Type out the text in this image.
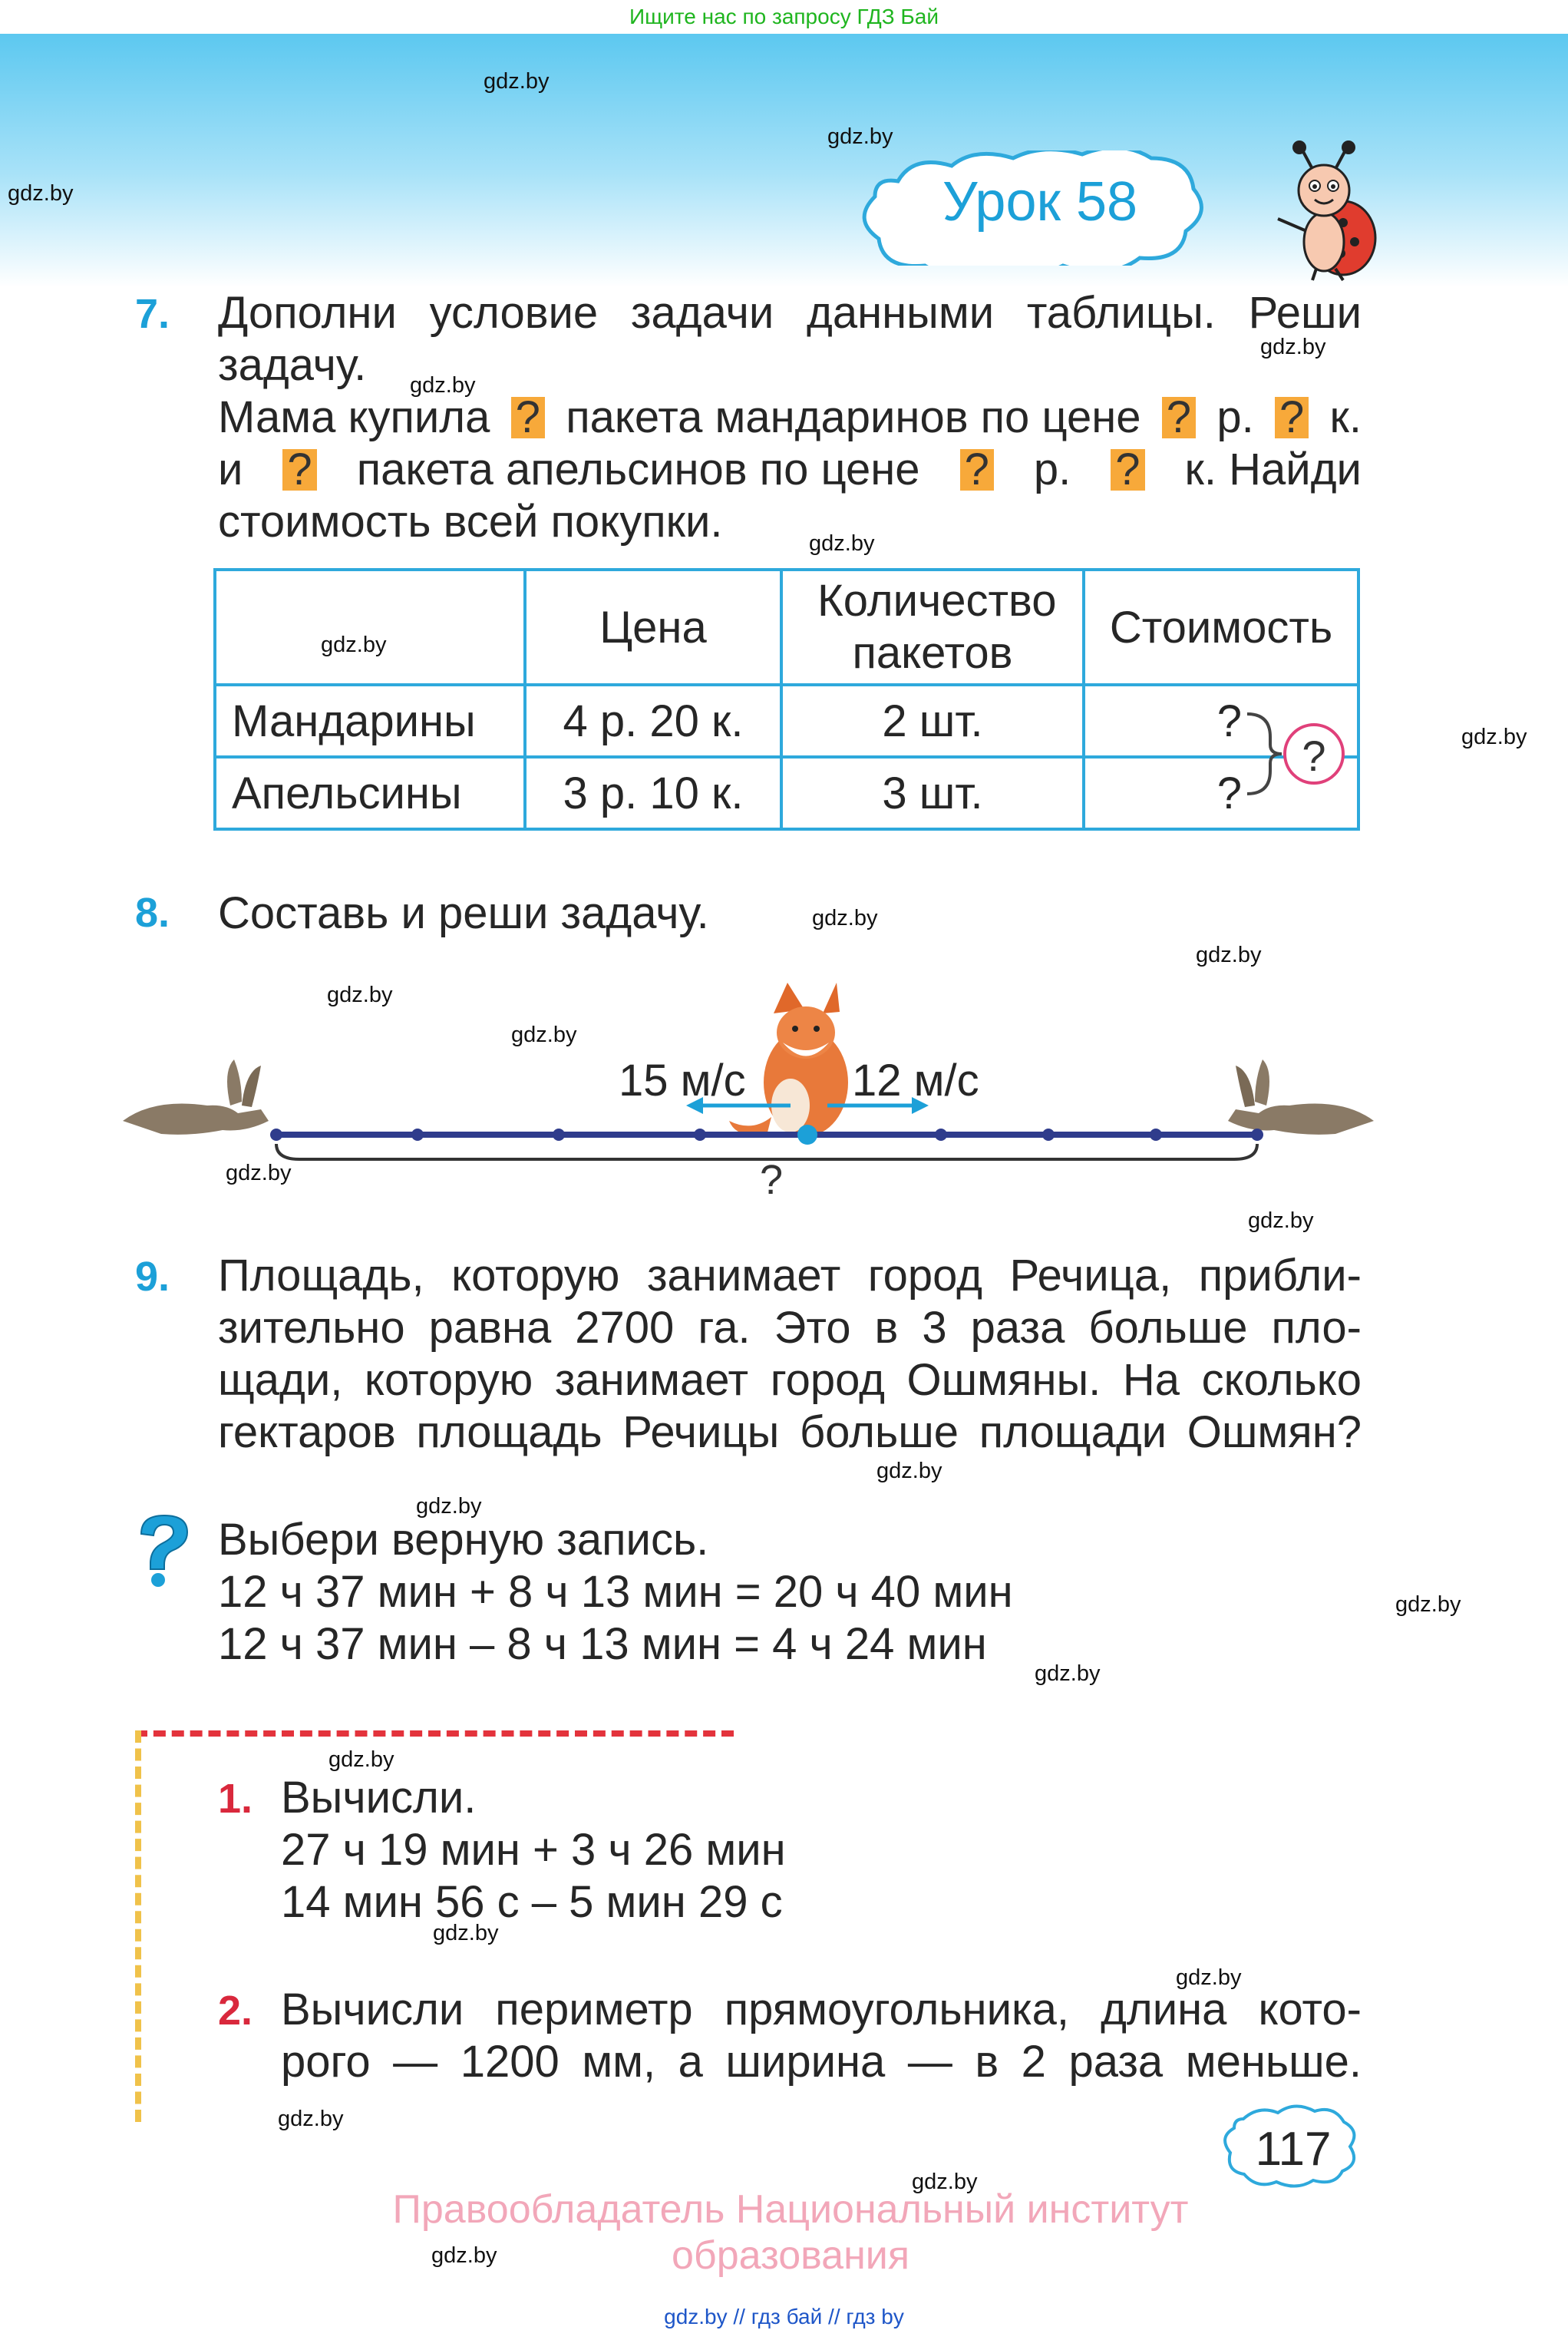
Ищите нас по запросу ГДЗ Бай
Урок 58
gdz.by
gdz.by
gdz.by
gdz.by
gdz.by
gdz.by
gdz.by
gdz.by
gdz.by
gdz.by
gdz.by
gdz.by
gdz.by
gdz.by
gdz.by
gdz.by
gdz.by
gdz.by
gdz.by
gdz.by
gdz.by
gdz.by
gdz.by
gdz.by
7. Дополни условие задачи данными таблицы. Реши
задачу.
Мама купила ? пакета мандаринов по цене ? р. ? к.
и ? пакета апельсинов по цене ? р. ? к. Найди
стоимость всей покупки.
	Цена	Количество пакетов	Стоимость
Мандарины	4 р. 20 к.	2 шт.	?
Апельсины	3 р. 10 к.	3 шт.	?
?
8. Составь и реши задачу.
15 м/с 12 м/с
?
9. Площадь, которую занимает город Речица, прибли-
зительно равна 2700 га. Это в 3 раза больше пло-
щади, которую занимает город Ошмяны. На сколько
гектаров площадь Речицы больше площади Ошмян?
Выбери верную запись.
12 ч 37 мин + 8 ч 13 мин = 20 ч 40 мин
12 ч 37 мин – 8 ч 13 мин = 4 ч 24 мин
1. Вычисли.
27 ч 19 мин + 3 ч 26 мин
14 мин 56 с – 5 мин 29 с
2. Вычисли периметр прямоугольника, длина кото-
рого — 1200 мм, а ширина — в 2 раза меньше.
117
Правообладатель Национальный институт образования
gdz.by // гдз бай // гдз by
